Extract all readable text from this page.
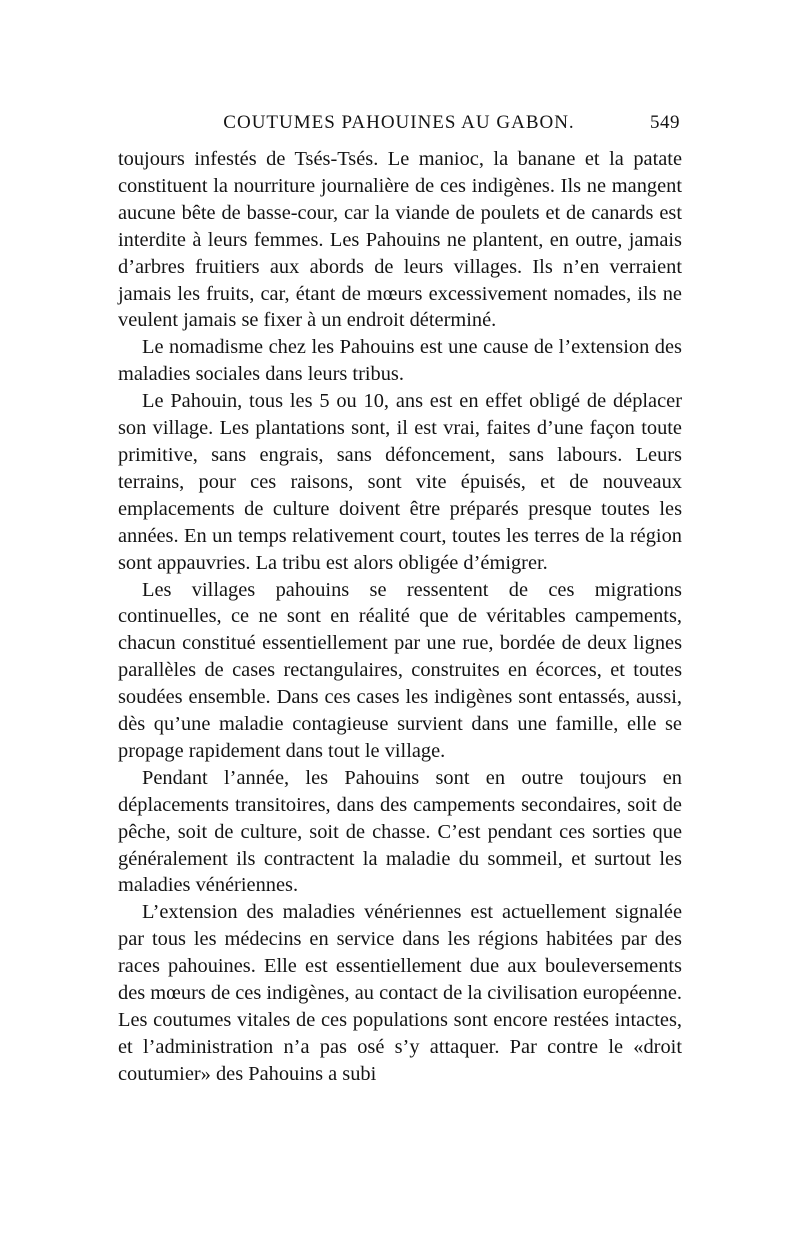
COUTUMES PAHOUINES AU GABON.	549

toujours infestés de Tsés-Tsés. Le manioc, la banane et la patate constituent la nourriture journalière de ces indigènes. Ils ne mangent aucune bête de basse-cour, car la viande de poulets et de canards est interdite à leurs femmes. Les Pahouins ne plantent, en outre, jamais d’arbres fruitiers aux abords de leurs villages. Ils n’en verraient jamais les fruits, car, étant de mœurs excessivement nomades, ils ne veulent jamais se fixer à un endroit déterminé.

Le nomadisme chez les Pahouins est une cause de l’extension des maladies sociales dans leurs tribus.

Le Pahouin, tous les 5 ou 10, ans est en effet obligé de déplacer son village. Les plantations sont, il est vrai, faites d’une façon toute primitive, sans engrais, sans défoncement, sans labours. Leurs terrains, pour ces raisons, sont vite épuisés, et de nouveaux emplacements de culture doivent être préparés presque toutes les années. En un temps relativement court, toutes les terres de la région sont appauvries. La tribu est alors obligée d’émigrer.

Les villages pahouins se ressentent de ces migrations continuelles, ce ne sont en réalité que de véritables campements, chacun constitué essentiellement par une rue, bordée de deux lignes parallèles de cases rectangulaires, construites en écorces, et toutes soudées ensemble. Dans ces cases les indigènes sont entassés, aussi, dès qu’une maladie contagieuse survient dans une famille, elle se propage rapidement dans tout le village.

Pendant l’année, les Pahouins sont en outre toujours en déplacements transitoires, dans des campements secondaires, soit de pêche, soit de culture, soit de chasse. C’est pendant ces sorties que généralement ils contractent la maladie du sommeil, et surtout les maladies vénériennes.

L’extension des maladies vénériennes est actuellement signalée par tous les médecins en service dans les régions habitées par des races pahouines. Elle est essentiellement due aux bouleversements des mœurs de ces indigènes, au contact de la civilisation européenne. Les coutumes vitales de ces populations sont encore restées intactes, et l’administration n’a pas osé s’y attaquer. Par contre le «droit coutumier» des Pahouins a subi
